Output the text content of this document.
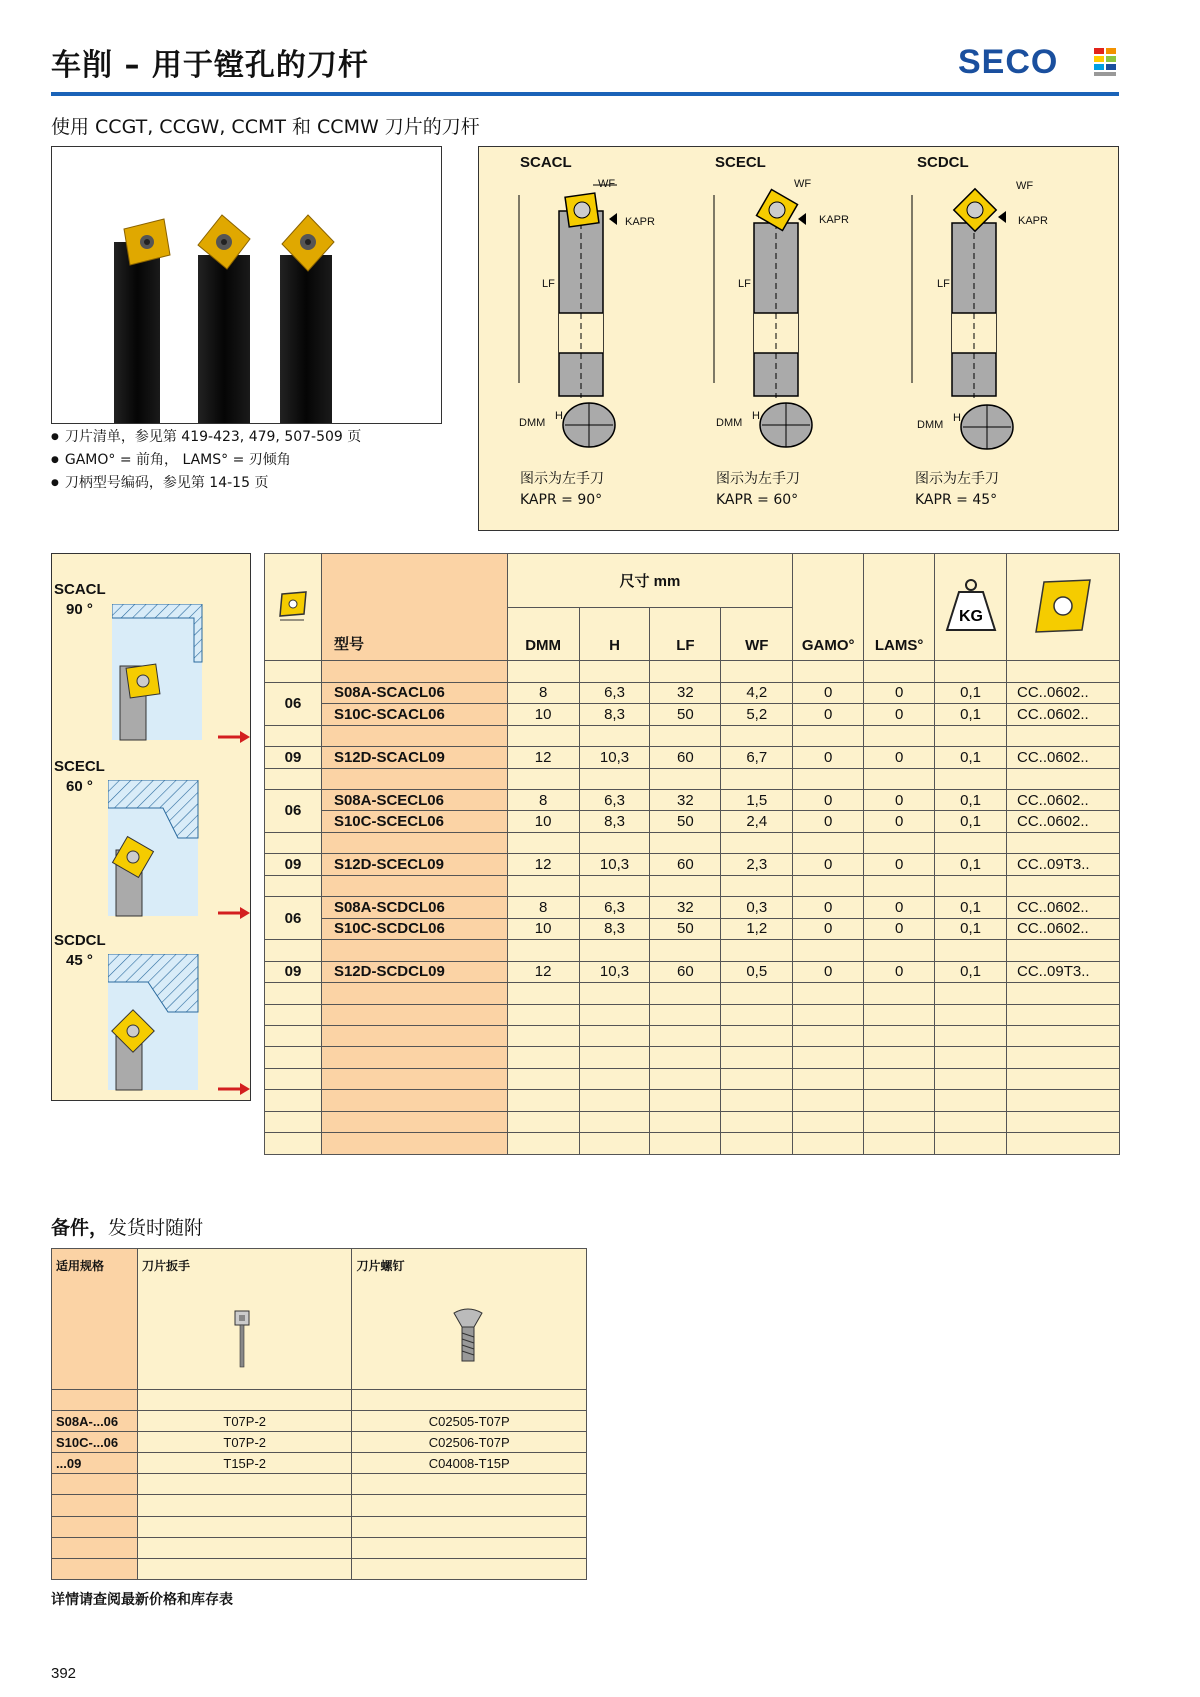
车削 – 用于镗孔的刀杆	SECO
使用 CCGT, CCGW, CCMT 和 CCMW 刀片的刀杆
● 刀片清单，参见第 419-423, 479, 507-509 页
● GAMO° = 前角， LAMS° = 刃倾角
● 刀柄型号编码，参见第 14-15 页
SCACL
WF
KAPR
LF
DMM
H
图示为左手刀
KAPR = 90°
SCECL
WF
KAPR
LF
DMM
H
图示为左手刀
KAPR = 60°
SCDCL
WF
KAPR
LF
DMM
H
图示为左手刀
KAPR = 45°
SCACL
90 °
SCECL
60 °
SCDCL
45 °
	型号	尺寸 mm				GAMO°	LAMS°	KG

		DMM	H	LF	WF				

06	S08A-SCACL06	8	6,3	32	4,2	0	0	0,1	CC..0602..
	S10C-SCACL06	10	8,3	50	5,2	0	0	0,1	CC..0602..

09	S12D-SCACL09	12	10,3	60	6,7	0	0	0,1	CC..0602..

06	S08A-SCECL06	8	6,3	32	1,5	0	0	0,1	CC..0602..
	S10C-SCECL06	10	8,3	50	2,4	0	0	0,1	CC..0602..

09	S12D-SCECL09	12	10,3	60	2,3	0	0	0,1	CC..09T3..

06	S08A-SCDCL06	8	6,3	32	0,3	0	0	0,1	CC..0602..
	S10C-SCDCL06	10	8,3	50	1,2	0	0	0,1	CC..0602..

09	S12D-SCDCL09	12	10,3	60	0,5	0	0	0,1	CC..09T3..

备件，发货时随附
适用规格	刀片扳手	刀片螺钉

S08A-...06	T07P-2	C02505-T07P
S10C-...06	T07P-2	C02506-T07P
...09	T15P-2	C04008-T15P

详情请查阅最新价格和库存表
392
